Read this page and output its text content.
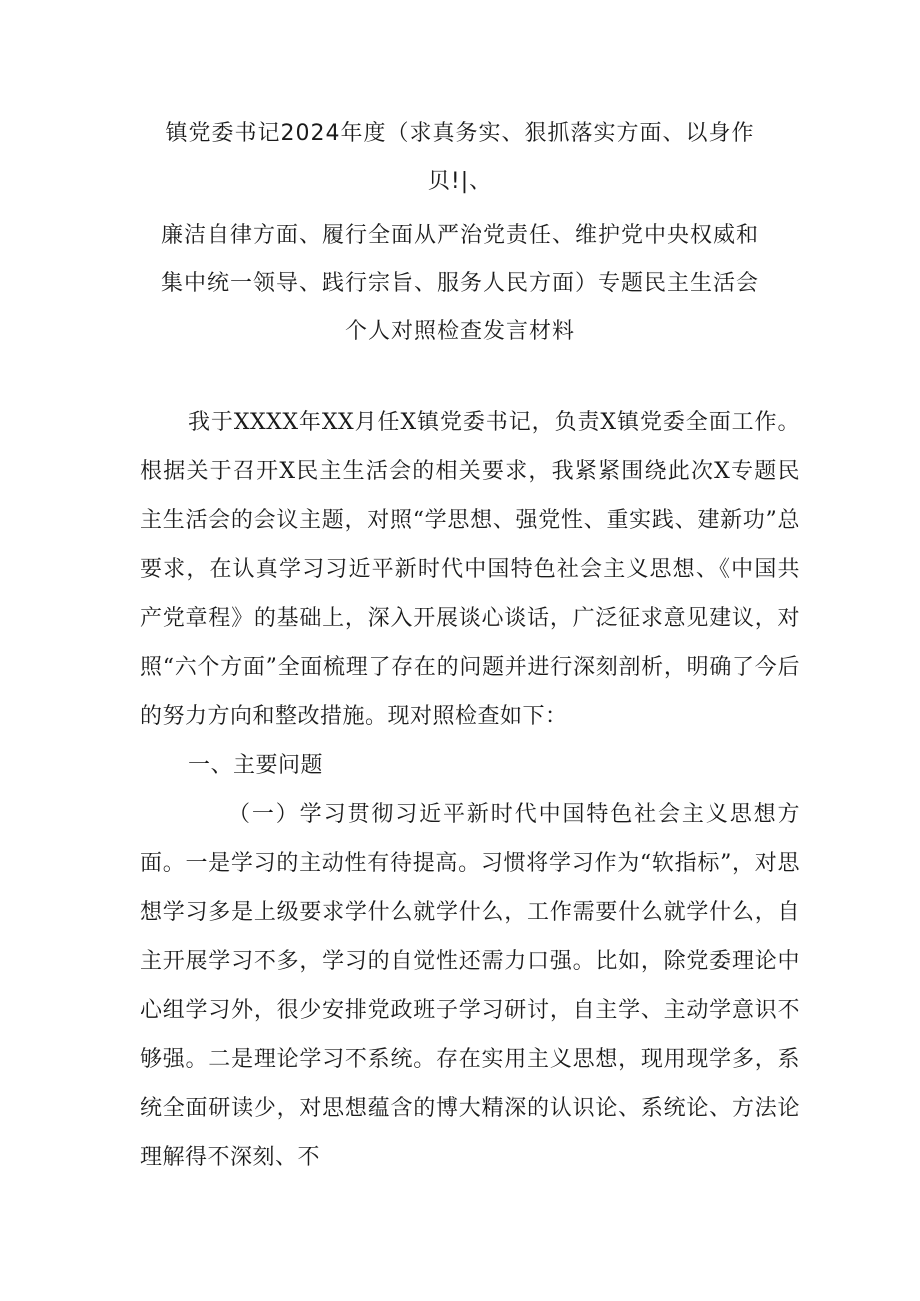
镇党委书记2024年度（求真务实、狠抓落实方面、以身作
贝!|、
廉洁自律方面、履行全面从严治党责任、维护党中央权威和
集中统一领导、践行宗旨、服务人民方面）专题民主生活会
个人对照检查发言材料

我于XXXX年XX月任X镇党委书记，负责X镇党委全面工作。根据关于召开X民主生活会的相关要求，我紧紧围绕此次X专题民主生活会的会议主题，对照“学思想、强党性、重实践、建新功”总要求，在认真学习习近平新时代中国特色社会主义思想、《中国共产党章程》的基础上，深入开展谈心谈话，广泛征求意见建议，对照“六个方面”全面梳理了存在的问题并进行深刻剖析，明确了今后的努力方向和整改措施。现对照检查如下：

一、主要问题

（一）学习贯彻习近平新时代中国特色社会主义思想方面。一是学习的主动性有待提高。习惯将学习作为“软指标”，对思想学习多是上级要求学什么就学什么，工作需要什么就学什么，自主开展学习不多，学习的自觉性还需力口强。比如，除党委理论中心组学习外，很少安排党政班子学习研讨，自主学、主动学意识不够强。二是理论学习不系统。存在实用主义思想，现用现学多，系统全面研读少，对思想蕴含的博大精深的认识论、系统论、方法论理解得不深刻、不
